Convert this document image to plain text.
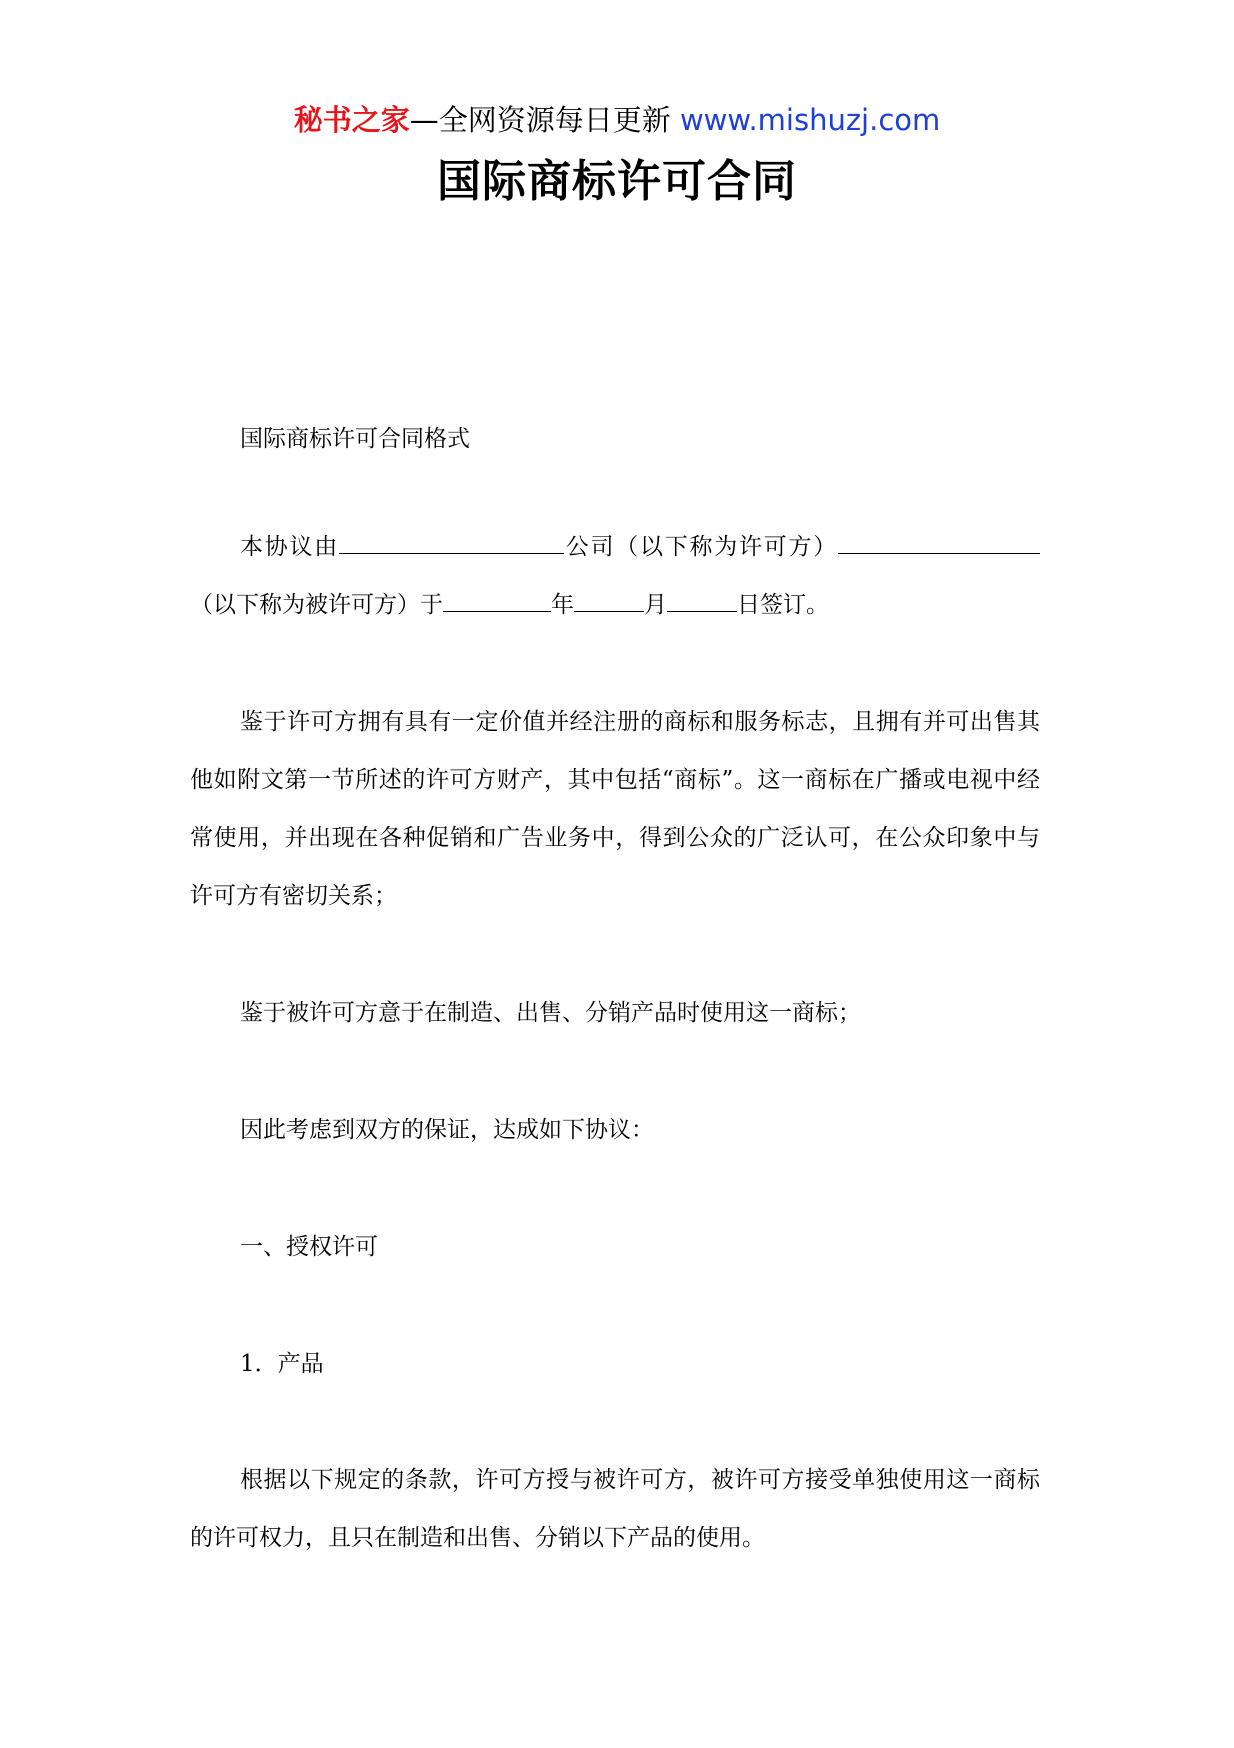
秘书之家—全网资源每日更新 www.mishuzj.com
国际商标许可合同

国际商标许可合同格式

本协议由	公司（以下称为许可方）（以下称为被许可方）于	年	月	日签订。

鉴于许可方拥有具有一定价值并经注册的商标和服务标志，且拥有并可出售其他如附文第一节所述的许可方财产，其中包括“商标”。这一商标在广播或电视中经常使用，并出现在各种促销和广告业务中，得到公众的广泛认可，在公众印象中与许可方有密切关系；

鉴于被许可方意于在制造、出售、分销产品时使用这一商标；

因此考虑到双方的保证，达成如下协议：

一、授权许可

1．产品

根据以下规定的条款，许可方授与被许可方，被许可方接受单独使用这一商标的许可权力，且只在制造和出售、分销以下产品的使用。
